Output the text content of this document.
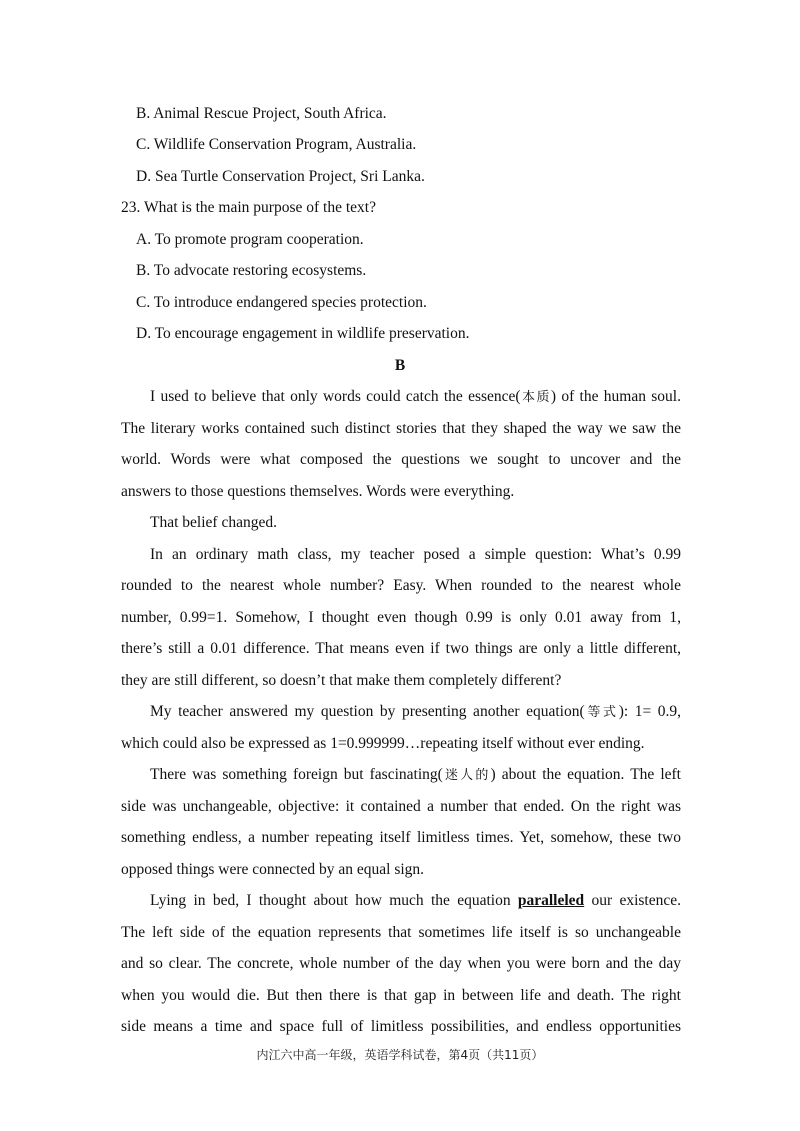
B. Animal Rescue Project, South Africa.
C. Wildlife Conservation Program, Australia.
D. Sea Turtle Conservation Project, Sri Lanka.
23. What is the main purpose of the text?
A. To promote program cooperation.
B. To advocate restoring ecosystems.
C. To introduce endangered species protection.
D. To encourage engagement in wildlife preservation.
B
I used to believe that only words could catch the essence(本质) of the human soul.
The literary works contained such distinct stories that they shaped the way we saw the
world. Words were what composed the questions we sought to uncover and the
answers to those questions themselves. Words were everything.
That belief changed.
In an ordinary math class, my teacher posed a simple question: What’s 0.99
rounded to the nearest whole number? Easy. When rounded to the nearest whole
number, 0.99=1. Somehow, I thought even though 0.99 is only 0.01 away from 1,
there’s still a 0.01 difference. That means even if two things are only a little different,
they are still different, so doesn’t that make them completely different?
My teacher answered my question by presenting another equation(等式): 1= 0.9,
which could also be expressed as 1=0.999999…repeating itself without ever ending.
There was something foreign but fascinating(迷人的) about the equation. The left
side was unchangeable, objective: it contained a number that ended. On the right was
something endless, a number repeating itself limitless times. Yet, somehow, these two
opposed things were connected by an equal sign.
Lying in bed, I thought about how much the equation paralleled our existence.
The left side of the equation represents that sometimes life itself is so unchangeable
and so clear. The concrete, whole number of the day when you were born and the day
when you would die. But then there is that gap in between life and death. The right
side means a time and space full of limitless possibilities, and endless opportunities
内江六中高一年级，英语学科试卷，第4页（共11页）
